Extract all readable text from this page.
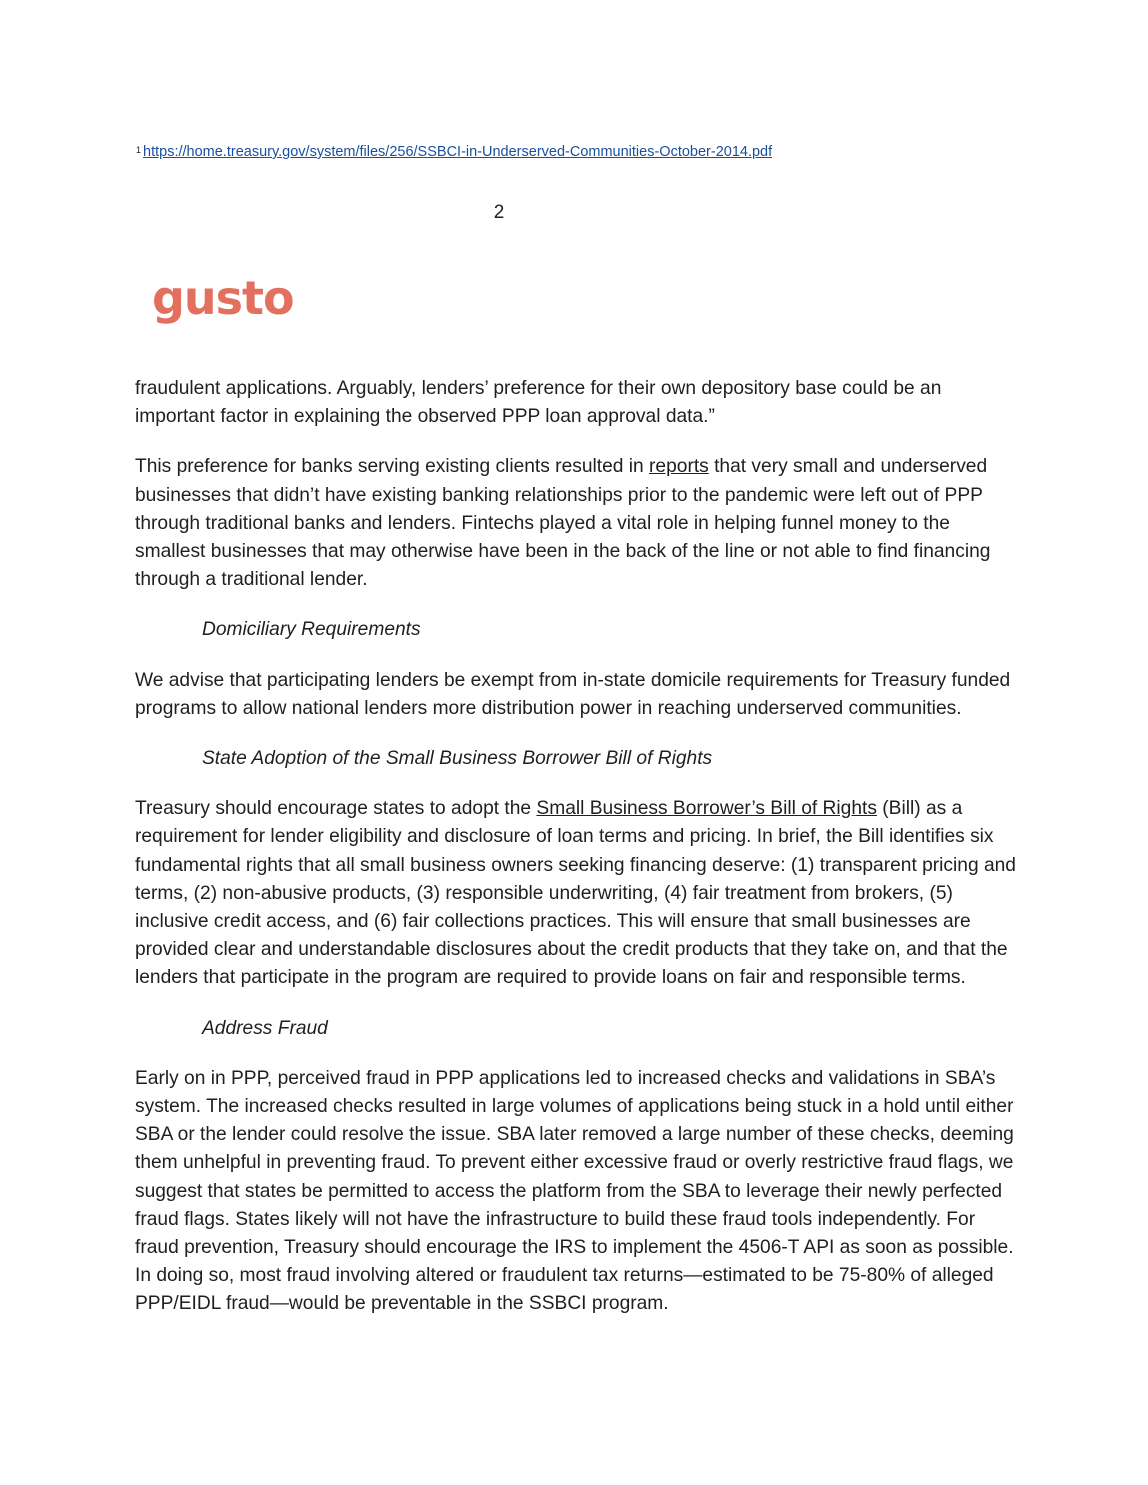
$^1$ https://home.treasury.gov/system/files/256/SSBCI-in-Underserved-Communities-October-2014.pdf
2
gusto

fraudulent applications. Arguably, lenders’ preference for their own depository base could be an important factor in explaining the observed PPP loan approval data.”

This preference for banks serving existing clients resulted in reports that very small and underserved businesses that didn’t have existing banking relationships prior to the pandemic were left out of PPP through traditional banks and lenders. Fintechs played a vital role in helping funnel money to the smallest businesses that may otherwise have been in the back of the line or not able to find financing through a traditional lender.

Domiciliary Requirements

We advise that participating lenders be exempt from in-state domicile requirements for Treasury funded programs to allow national lenders more distribution power in reaching underserved communities.

State Adoption of the Small Business Borrower Bill of Rights

Treasury should encourage states to adopt the Small Business Borrower’s Bill of Rights (Bill) as a requirement for lender eligibility and disclosure of loan terms and pricing. In brief, the Bill identifies six fundamental rights that all small business owners seeking financing deserve: (1) transparent pricing and terms, (2) non-abusive products, (3) responsible underwriting, (4) fair treatment from brokers, (5) inclusive credit access, and (6) fair collections practices. This will ensure that small businesses are provided clear and understandable disclosures about the credit products that they take on, and that the lenders that participate in the program are required to provide loans on fair and responsible terms.

Address Fraud

Early on in PPP, perceived fraud in PPP applications led to increased checks and validations in SBA’s system. The increased checks resulted in large volumes of applications being stuck in a hold until either SBA or the lender could resolve the issue. SBA later removed a large number of these checks, deeming them unhelpful in preventing fraud. To prevent either excessive fraud or overly restrictive fraud flags, we suggest that states be permitted to access the platform from the SBA to leverage their newly perfected fraud flags. States likely will not have the infrastructure to build these fraud tools independently. For fraud prevention, Treasury should encourage the IRS to implement the 4506-T API as soon as possible. In doing so, most fraud involving altered or fraudulent tax returns—estimated to be 75-80% of alleged PPP/EIDL fraud—would be preventable in the SSBCI program.
